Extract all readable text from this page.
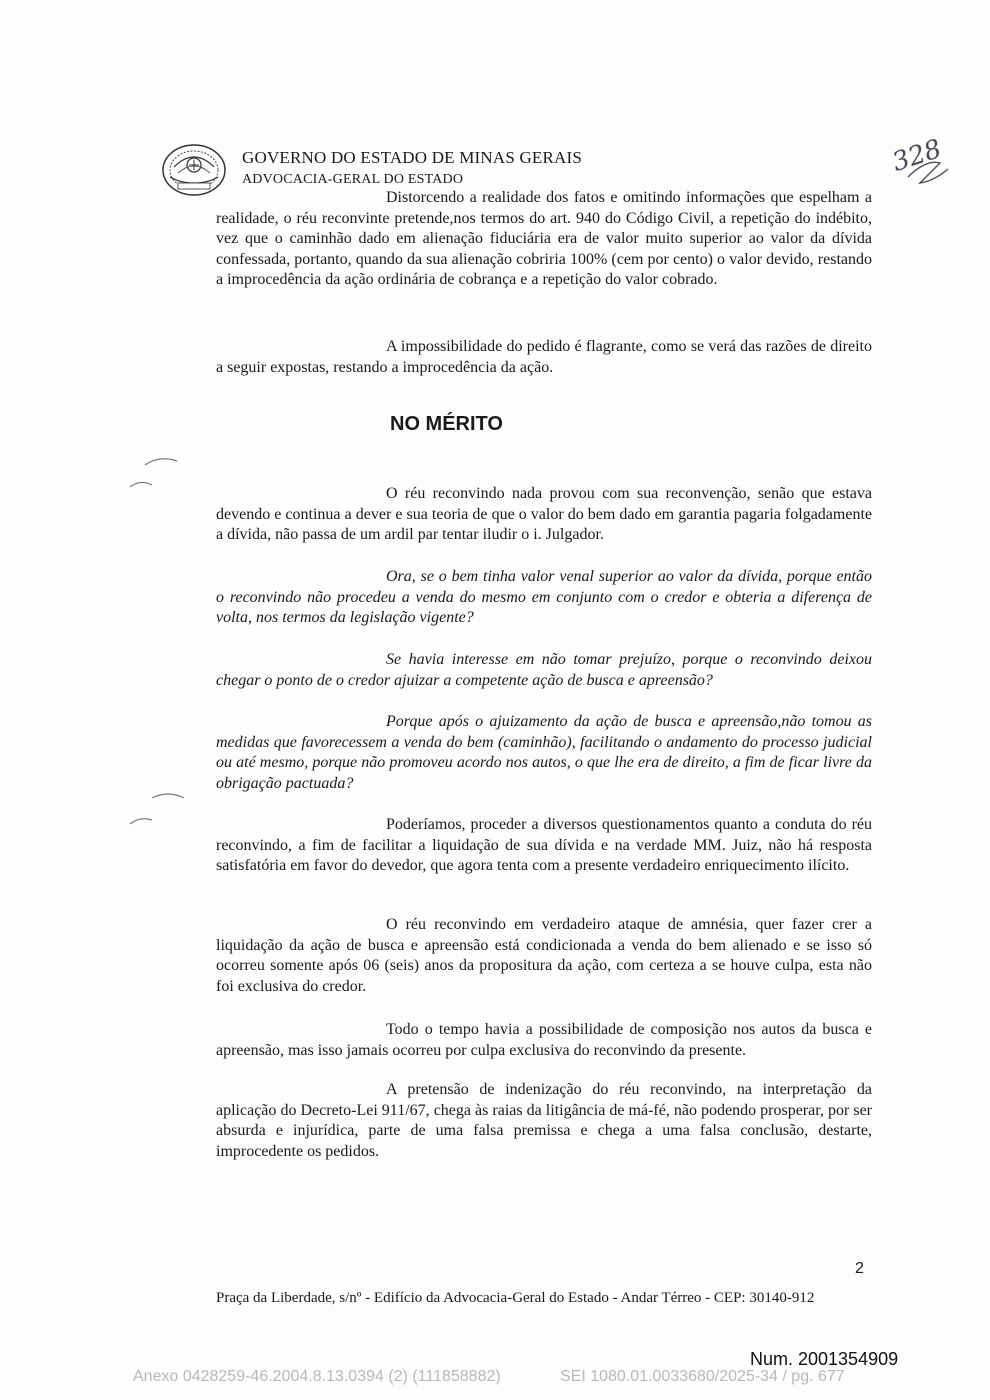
GOVERNO DO ESTADO DE MINAS GERAIS
ADVOCACIA-GERAL DO ESTADO
328

Distorcendo a realidade dos fatos e omitindo informações que espelham a realidade, o réu reconvinte pretende,nos termos do art. 940 do Código Civil, a repetição do indébito, vez que o caminhão dado em alienação fiduciária era de valor muito superior ao valor da dívida confessada, portanto, quando da sua alienação cobriria 100% (cem por cento) o valor devido, restando a improcedência da ação ordinária de cobrança e a repetição do valor cobrado.

A impossibilidade do pedido é flagrante, como se verá das razões de direito a seguir expostas, restando a improcedência da ação.

NO MÉRITO

O réu reconvindo nada provou com sua reconvenção, senão que estava devendo e continua a dever e sua teoria de que o valor do bem dado em garantia pagaria folgadamente a dívida, não passa de um ardil par tentar iludir o i. Julgador.

Ora, se o bem tinha valor venal superior ao valor da dívida, porque então o reconvindo não procedeu a venda do mesmo em conjunto com o credor e obteria a diferença de volta, nos termos da legislação vigente?

Se havia interesse em não tomar prejuízo, porque o reconvindo deixou chegar o ponto de o credor ajuizar a competente ação de busca e apreensão?

Porque após o ajuizamento da ação de busca e apreensão,não tomou as medidas que favorecessem a venda do bem (caminhão), facilitando o andamento do processo judicial ou até mesmo, porque não promoveu acordo nos autos, o que lhe era de direito, a fim de ficar livre da obrigação pactuada?

Poderíamos, proceder a diversos questionamentos quanto a conduta do réu reconvindo, a fim de facilitar a liquidação de sua dívida e na verdade MM. Juiz, não há resposta satisfatória em favor do devedor, que agora tenta com a presente verdadeiro enriquecimento ilícito.

O réu reconvindo em verdadeiro ataque de amnésia, quer fazer crer a liquidação da ação de busca e apreensão está condicionada a venda do bem alienado e se isso só ocorreu somente após 06 (seis) anos da propositura da ação, com certeza a se houve culpa, esta não foi exclusiva do credor.

Todo o tempo havia a possibilidade de composição nos autos da busca e apreensão, mas isso jamais ocorreu por culpa exclusiva do reconvindo da presente.

A pretensão de indenização do réu reconvindo, na interpretação da aplicação do Decreto-Lei 911/67, chega às raias da litigância de má-fé, não podendo prosperar, por ser absurda e injurídica, parte de uma falsa premissa e chega a uma falsa conclusão, destarte, improcedente os pedidos.

2
Praça da Liberdade, s/nº - Edifício da Advocacia-Geral do Estado - Andar Térreo - CEP: 30140-912
Num. 2001354909
Anexo 0428259-46.2004.8.13.0394 (2) (111858882)	SEI 1080.01.0033680/2025-34 / pg. 677
